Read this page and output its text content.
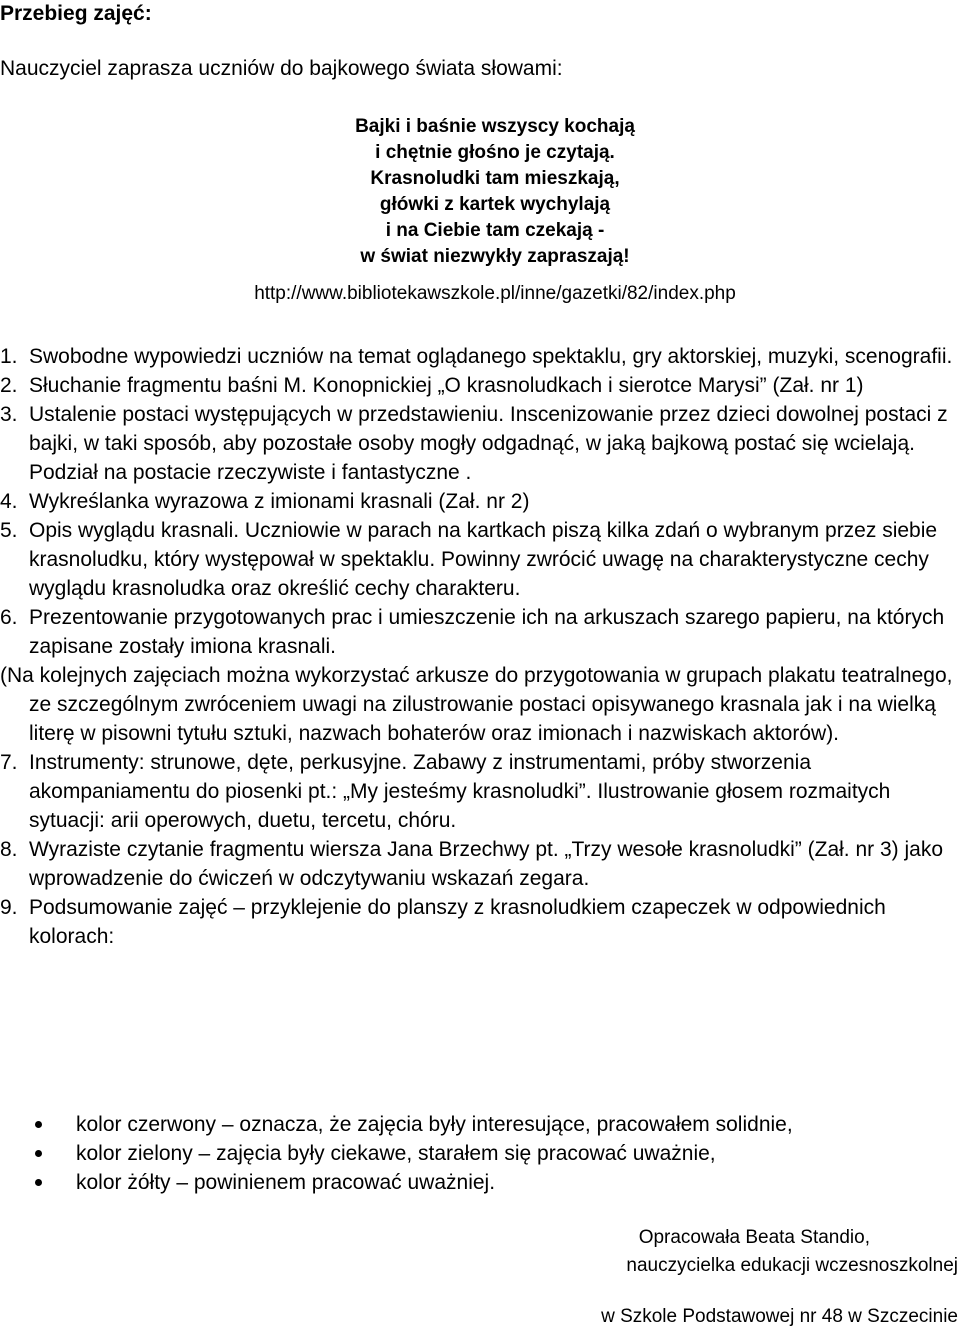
Przebieg zajęć:
Nauczyciel zaprasza uczniów do bajkowego świata słowami:
Bajki i baśnie wszyscy kochają
i chętnie głośno je czytają.
Krasnoludki tam mieszkają,
główki z kartek wychylają
i na Ciebie tam czekają -
w świat niezwykły zapraszają!
http://www.bibliotekawszkole.pl/inne/gazetki/82/index.php
1. Swobodne wypowiedzi uczniów na temat oglądanego spektaklu, gry aktorskiej, muzyki, scenografii.
2. Słuchanie fragmentu baśni M. Konopnickiej „O krasnoludkach i sierotce Marysi” (Zał. nr 1)
3. Ustalenie postaci występujących w przedstawieniu. Inscenizowanie przez dzieci dowolnej postaci z bajki, w taki sposób, aby pozostałe osoby mogły odgadnąć, w jaką bajkową postać się wcielają. Podział na postacie rzeczywiste i fantastyczne .
4. Wykreślanka wyrazowa z imionami krasnali (Zał. nr 2)
5. Opis wyglądu krasnali. Uczniowie w parach na kartkach piszą kilka zdań o wybranym przez siebie krasnoludku, który występował w spektaklu. Powinny zwrócić uwagę na charakterystyczne cechy wyglądu krasnoludka oraz określić cechy charakteru.
6. Prezentowanie przygotowanych prac i umieszczenie ich na arkuszach szarego papieru, na których zapisane zostały imiona krasnali.
(Na kolejnych zajęciach można wykorzystać arkusze do przygotowania w grupach plakatu teatralnego, ze szczególnym zwróceniem uwagi na zilustrowanie postaci opisywanego krasnala jak i na wielką literę w pisowni tytułu sztuki, nazwach bohaterów oraz imionach i nazwiskach aktorów).
7. Instrumenty: strunowe, dęte, perkusyjne. Zabawy z instrumentami, próby stworzenia akompaniamentu do piosenki pt.: „My jesteśmy krasnoludki”. Ilustrowanie głosem rozmaitych sytuacji: arii operowych, duetu, tercetu, chóru.
8. Wyraziste czytanie fragmentu wiersza Jana Brzechwy pt. „Trzy wesołe krasnoludki” (Zał. nr 3) jako wprowadzenie do ćwiczeń w odczytywaniu wskazań zegara.
9. Podsumowanie zajęć – przyklejenie do planszy z krasnoludkiem czapeczek w odpowiednich kolorach:
kolor czerwony – oznacza, że zajęcia były interesujące, pracowałem solidnie,
kolor zielony – zajęcia były ciekawe, starałem się pracować uważnie,
kolor żółty – powinienem pracować uważniej.
Opracowała Beata Standio,
nauczycielka edukacji wczesnoszkolnej
w Szkole Podstawowej nr 48 w Szczecinie
